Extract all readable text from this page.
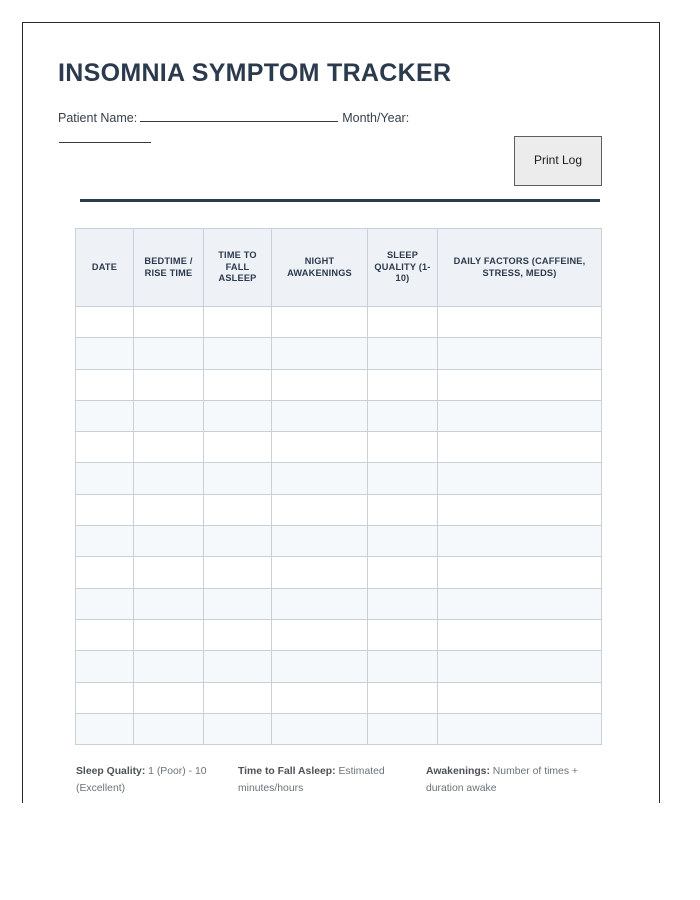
INSOMNIA SYMPTOM TRACKER
Patient Name:	Month/Year:
Print Log
DATE	BEDTIME / RISE TIME	TIME TO FALL ASLEEP	NIGHT AWAKENINGS	SLEEP QUALITY (1-10)	DAILY FACTORS (CAFFEINE, STRESS, MEDS)

Sleep Quality: 1 (Poor) - 10 (Excellent)
Time to Fall Asleep: Estimated minutes/hours
Awakenings: Number of times + duration awake
